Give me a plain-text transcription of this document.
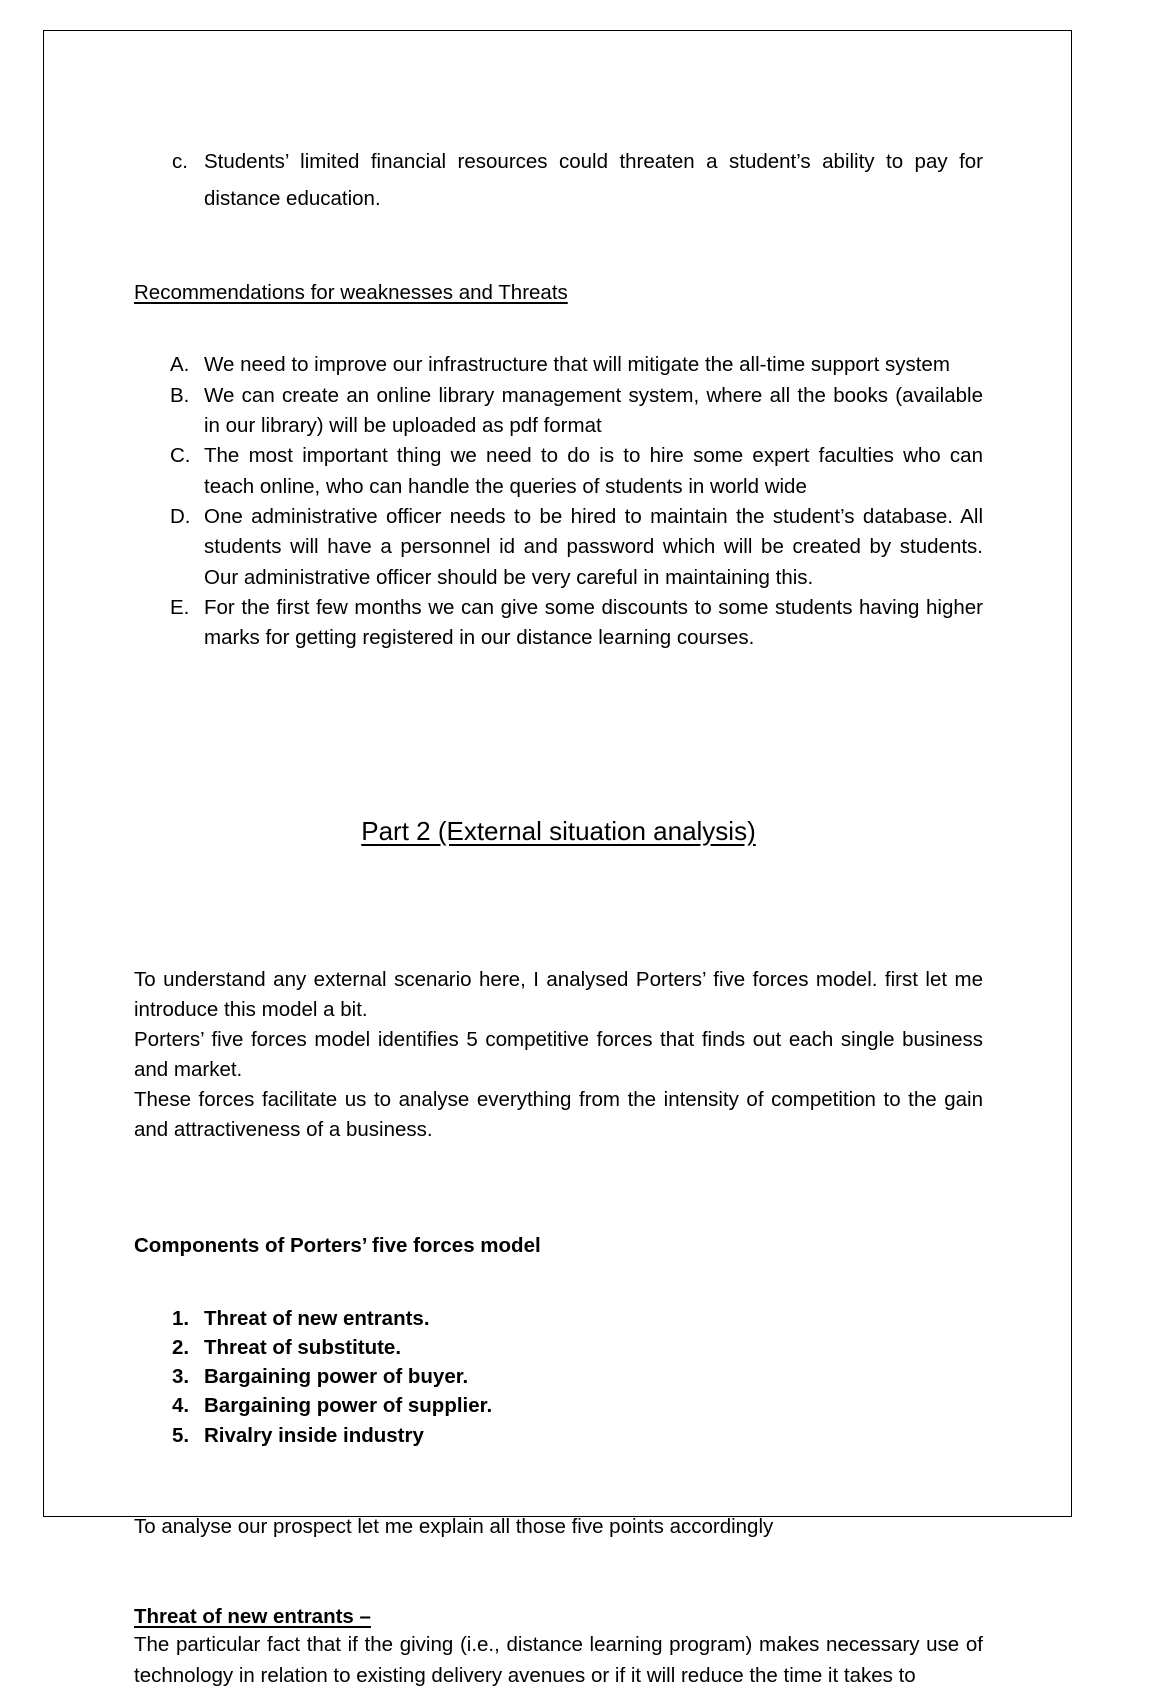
c. Students’ limited financial resources could threaten a student’s ability to pay for distance education.
Recommendations for weaknesses and Threats
A. We need to improve our infrastructure that will mitigate the all-time support system
B. We can create an online library management system, where all the books (available in our library) will be uploaded as pdf format
C. The most important thing we need to do is to hire some expert faculties who can teach online, who can handle the queries of students in world wide
D. One administrative officer needs to be hired to maintain the student’s database. All students will have a personnel id and password which will be created by students. Our administrative officer should be very careful in maintaining this.
E. For the first few months we can give some discounts to some students having higher marks for getting registered in our distance learning courses.
Part 2 (External situation analysis)
To understand any external scenario here, I analysed Porters’ five forces model. first let me introduce this model a bit.
Porters’ five forces model identifies 5 competitive forces that finds out each single business and market.
These forces facilitate us to analyse everything from the intensity of competition to the gain and attractiveness of a business.
Components of Porters’ five forces model
1. Threat of new entrants.
2. Threat of substitute.
3. Bargaining power of buyer.
4. Bargaining power of supplier.
5. Rivalry inside industry
To analyse our prospect let me explain all those five points accordingly
Threat of new entrants –
The particular fact that if the giving (i.e., distance learning program) makes necessary use of technology in relation to existing delivery avenues or if it will reduce the time it takes to
